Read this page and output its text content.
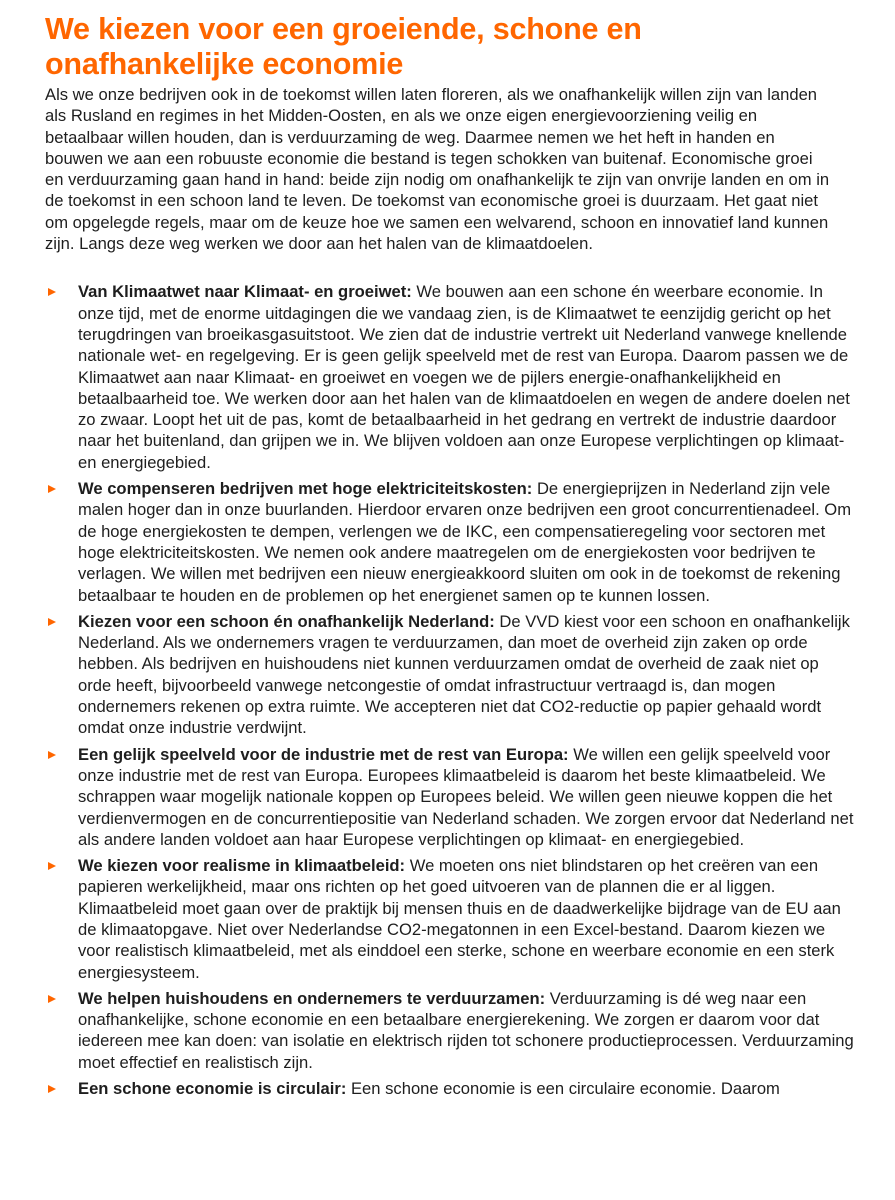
We kiezen voor een groeiende, schone en onafhankelijke economie

Als we onze bedrijven ook in de toekomst willen laten floreren, als we onafhankelijk willen zijn van landen als Rusland en regimes in het Midden-Oosten, en als we onze eigen energievoorziening veilig en betaalbaar willen houden, dan is verduurzaming de weg. Daarmee nemen we het heft in handen en bouwen we aan een robuuste economie die bestand is tegen schokken van buitenaf. Economische groei en verduurzaming gaan hand in hand: beide zijn nodig om onafhankelijk te zijn van onvrije landen en om in de toekomst in een schoon land te leven. De toekomst van economische groei is duurzaam. Het gaat niet om opgelegde regels, maar om de keuze hoe we samen een welvarend, schoon en innovatief land kunnen zijn. Langs deze weg werken we door aan het halen van de klimaatdoelen.

Van Klimaatwet naar Klimaat- en groeiwet: We bouwen aan een schone én weerbare economie. In onze tijd, met de enorme uitdagingen die we vandaag zien, is de Klimaatwet te eenzijdig gericht op het terugdringen van broeikasgasuitstoot. We zien dat de industrie vertrekt uit Nederland vanwege knellende nationale wet- en regelgeving. Er is geen gelijk speelveld met de rest van Europa. Daarom passen we de Klimaatwet aan naar Klimaat- en groeiwet en voegen we de pijlers energie-onafhankelijkheid en betaalbaarheid toe. We werken door aan het halen van de klimaatdoelen en wegen de andere doelen net zo zwaar. Loopt het uit de pas, komt de betaalbaarheid in het gedrang en vertrekt de industrie daardoor naar het buitenland, dan grijpen we in. We blijven voldoen aan onze Europese verplichtingen op klimaat- en energiegebied.
We compenseren bedrijven met hoge elektriciteitskosten: De energieprijzen in Nederland zijn vele malen hoger dan in onze buurlanden. Hierdoor ervaren onze bedrijven een groot concurrentienadeel. Om de hoge energiekosten te dempen, verlengen we de IKC, een compensatieregeling voor sectoren met hoge elektriciteitskosten. We nemen ook andere maatregelen om de energiekosten voor bedrijven te verlagen. We willen met bedrijven een nieuw energieakkoord sluiten om ook in de toekomst de rekening betaalbaar te houden en de problemen op het energienet samen op te kunnen lossen.
Kiezen voor een schoon én onafhankelijk Nederland: De VVD kiest voor een schoon en onafhankelijk Nederland. Als we ondernemers vragen te verduurzamen, dan moet de overheid zijn zaken op orde hebben. Als bedrijven en huishoudens niet kunnen verduurzamen omdat de overheid de zaak niet op orde heeft, bijvoorbeeld vanwege netcongestie of omdat infrastructuur vertraagd is, dan mogen ondernemers rekenen op extra ruimte. We accepteren niet dat CO2-reductie op papier gehaald wordt omdat onze industrie verdwijnt.
Een gelijk speelveld voor de industrie met de rest van Europa: We willen een gelijk speelveld voor onze industrie met de rest van Europa. Europees klimaatbeleid is daarom het beste klimaatbeleid. We schrappen waar mogelijk nationale koppen op Europees beleid. We willen geen nieuwe koppen die het verdienvermogen en de concurrentiepositie van Nederland schaden. We zorgen ervoor dat Nederland net als andere landen voldoet aan haar Europese verplichtingen op klimaat- en energiegebied.
We kiezen voor realisme in klimaatbeleid: We moeten ons niet blindstaren op het creëren van een papieren werkelijkheid, maar ons richten op het goed uitvoeren van de plannen die er al liggen. Klimaatbeleid moet gaan over de praktijk bij mensen thuis en de daadwerkelijke bijdrage van de EU aan de klimaatopgave. Niet over Nederlandse CO2-megatonnen in een Excel-bestand. Daarom kiezen we voor realistisch klimaatbeleid, met als einddoel een sterke, schone en weerbare economie en een sterk energiesysteem.
We helpen huishoudens en ondernemers te verduurzamen: Verduurzaming is dé weg naar een onafhankelijke, schone economie en een betaalbare energierekening. We zorgen er daarom voor dat iedereen mee kan doen: van isolatie en elektrisch rijden tot schonere productieprocessen. Verduurzaming moet effectief en realistisch zijn.
Een schone economie is circulair: Een schone economie is een circulaire economie. Daarom
